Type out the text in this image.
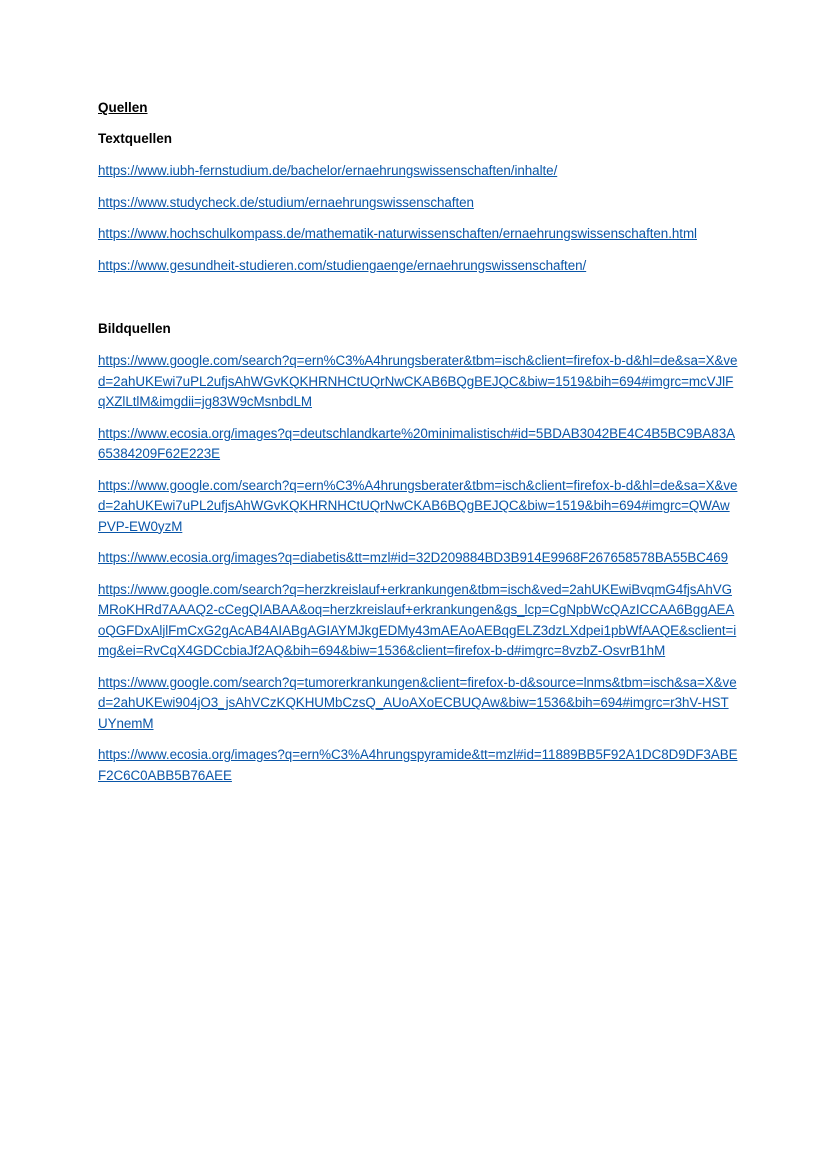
Quellen
Textquellen
https://www.iubh-fernstudium.de/bachelor/ernaehrungswissenschaften/inhalte/
https://www.studycheck.de/studium/ernaehrungswissenschaften
https://www.hochschulkompass.de/mathematik-naturwissenschaften/ernaehrungswissenschaften.html
https://www.gesundheit-studieren.com/studiengaenge/ernaehrungswissenschaften/
Bildquellen
https://www.google.com/search?q=ern%C3%A4hrungsberater&tbm=isch&client=firefox-b-d&hl=de&sa=X&ved=2ahUKEwi7uPL2ufjsAhWGvKQKHRNHCtUQrNwCKAB6BQgBEJQC&biw=1519&bih=694#imgrc=mcVJlFqXZlLtlM&imgdii=jg83W9cMsnbdLM
https://www.ecosia.org/images?q=deutschlandkarte%20minimalistisch#id=5BDAB3042BE4C4B5BC9BA83A65384209F62E223E
https://www.google.com/search?q=ern%C3%A4hrungsberater&tbm=isch&client=firefox-b-d&hl=de&sa=X&ved=2ahUKEwi7uPL2ufjsAhWGvKQKHRNHCtUQrNwCKAB6BQgBEJQC&biw=1519&bih=694#imgrc=QWAwPVP-EW0yzM
https://www.ecosia.org/images?q=diabetis&tt=mzl#id=32D209884BD3B914E9968F267658578BA55BC469
https://www.google.com/search?q=herzkreislauf+erkrankungen&tbm=isch&ved=2ahUKEwiBvqmG4fjsAhVGMRoKHRd7AAAQ2-cCegQIABAA&oq=herzkreislauf+erkrankungen&gs_lcp=CgNpbWcQAzICCAA6BggAEAoQGFDxAljlFmCxG2gAcAB4AIABgAGIAYMJkgEDMy43mAEAoAEBqgELZ3dzLXdpei1pbWfAAQE&sclient=img&ei=RvCqX4GDCcbiaJf2AQ&bih=694&biw=1536&client=firefox-b-d#imgrc=8vzbZ-OsvrB1hM
https://www.google.com/search?q=tumorerkrankungen&client=firefox-b-d&source=lnms&tbm=isch&sa=X&ved=2ahUKEwi904jO3_jsAhVCzKQKHUMbCzsQ_AUoAXoECBUQAw&biw=1536&bih=694#imgrc=r3hV-HSTUYnemM
https://www.ecosia.org/images?q=ern%C3%A4hrungspyramide&tt=mzl#id=11889BB5F92A1DC8D9DF3ABEF2C6C0ABB5B76AEE
